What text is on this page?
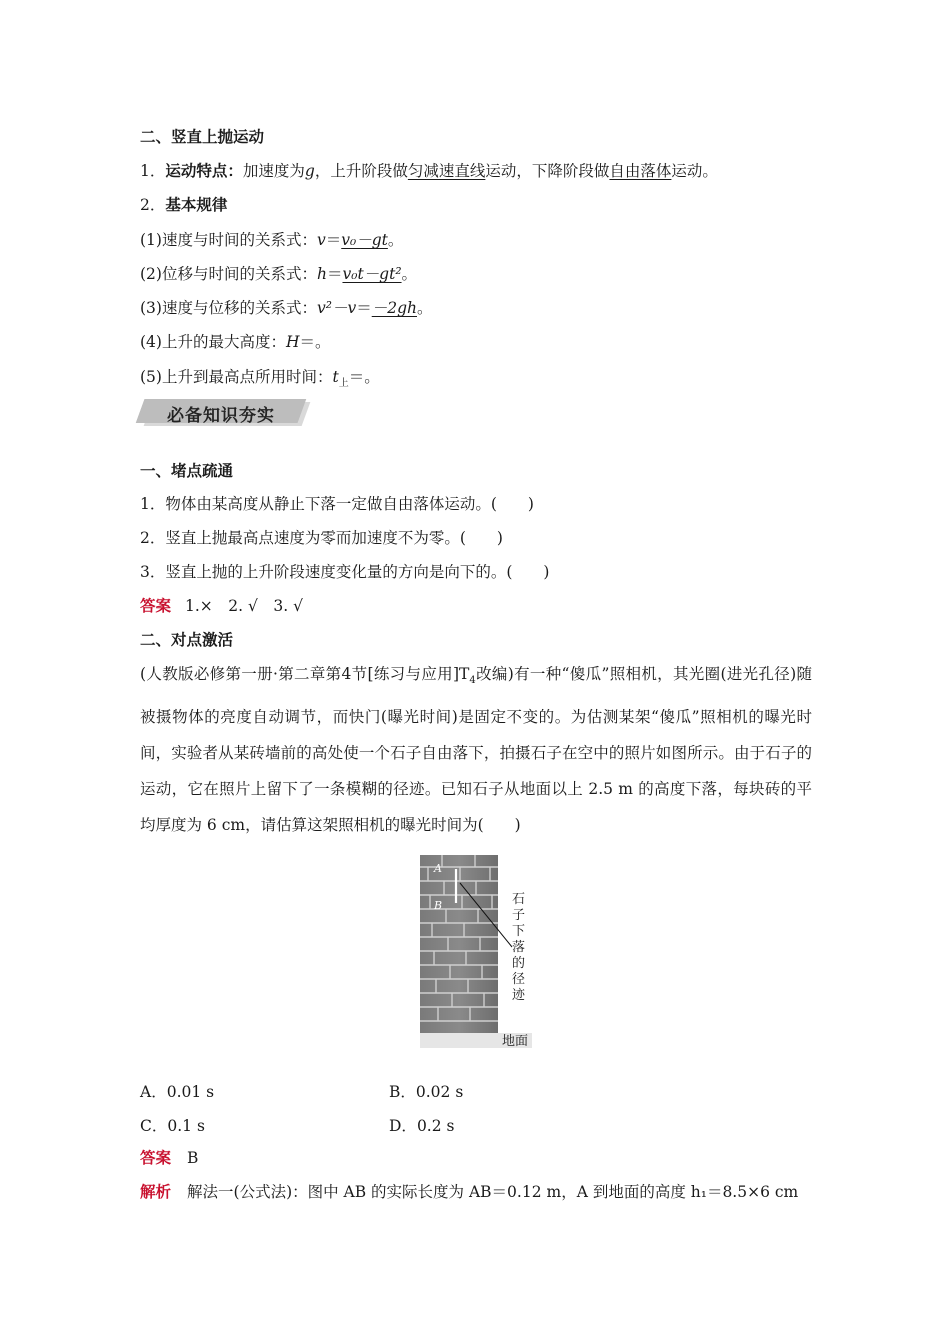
二、竖直上抛运动
1．运动特点：加速度为g，上升阶段做匀减速直线运动，下降阶段做自由落体运动。
2．基本规律
(1)速度与时间的关系式：v＝v₀－gt。
(2)位移与时间的关系式：h＝v₀t－gt²。
(3)速度与位移的关系式：v²－v＝－2gh。
(4)上升的最大高度：H＝。
(5)上升到最高点所用时间：$t_上=$。
必备知识夯实
一、堵点疏通
1．物体由某高度从静止下落一定做自由落体运动。(　　)
2．竖直上抛最高点速度为零而加速度不为零。(　　)
3．竖直上抛的上升阶段速度变化量的方向是向下的。(　　)
答案 1.×　2. √　3. √
二、对点激活
(人教版必修第一册·第二章第4节[练习与应用]$T_4$改编)有一种“傻瓜”照相机，其光圈(进光孔径)随被摄物体的亮度自动调节，而快门(曝光时间)是固定不变的。为估测某架“傻瓜”照相机的曝光时间，实验者从某砖墙前的高处使一个石子自由落下，拍摄石子在空中的照片如图所示。由于石子的运动，它在照片上留下了一条模糊的径迹。已知石子从地面以上 2.5 m 的高度下落，每块砖的平均厚度为 6 cm，请估算这架照相机的曝光时间为(　　)
A
B	石子下落的径迹
地面
A．0.01 s	B．0.02 s
C．0.1 s	D．0.2 s
答案 B
解析 解法一(公式法)：图中 AB 的实际长度为 AB＝0.12 m，A 到地面的高度 h₁＝8.5×6 cm
